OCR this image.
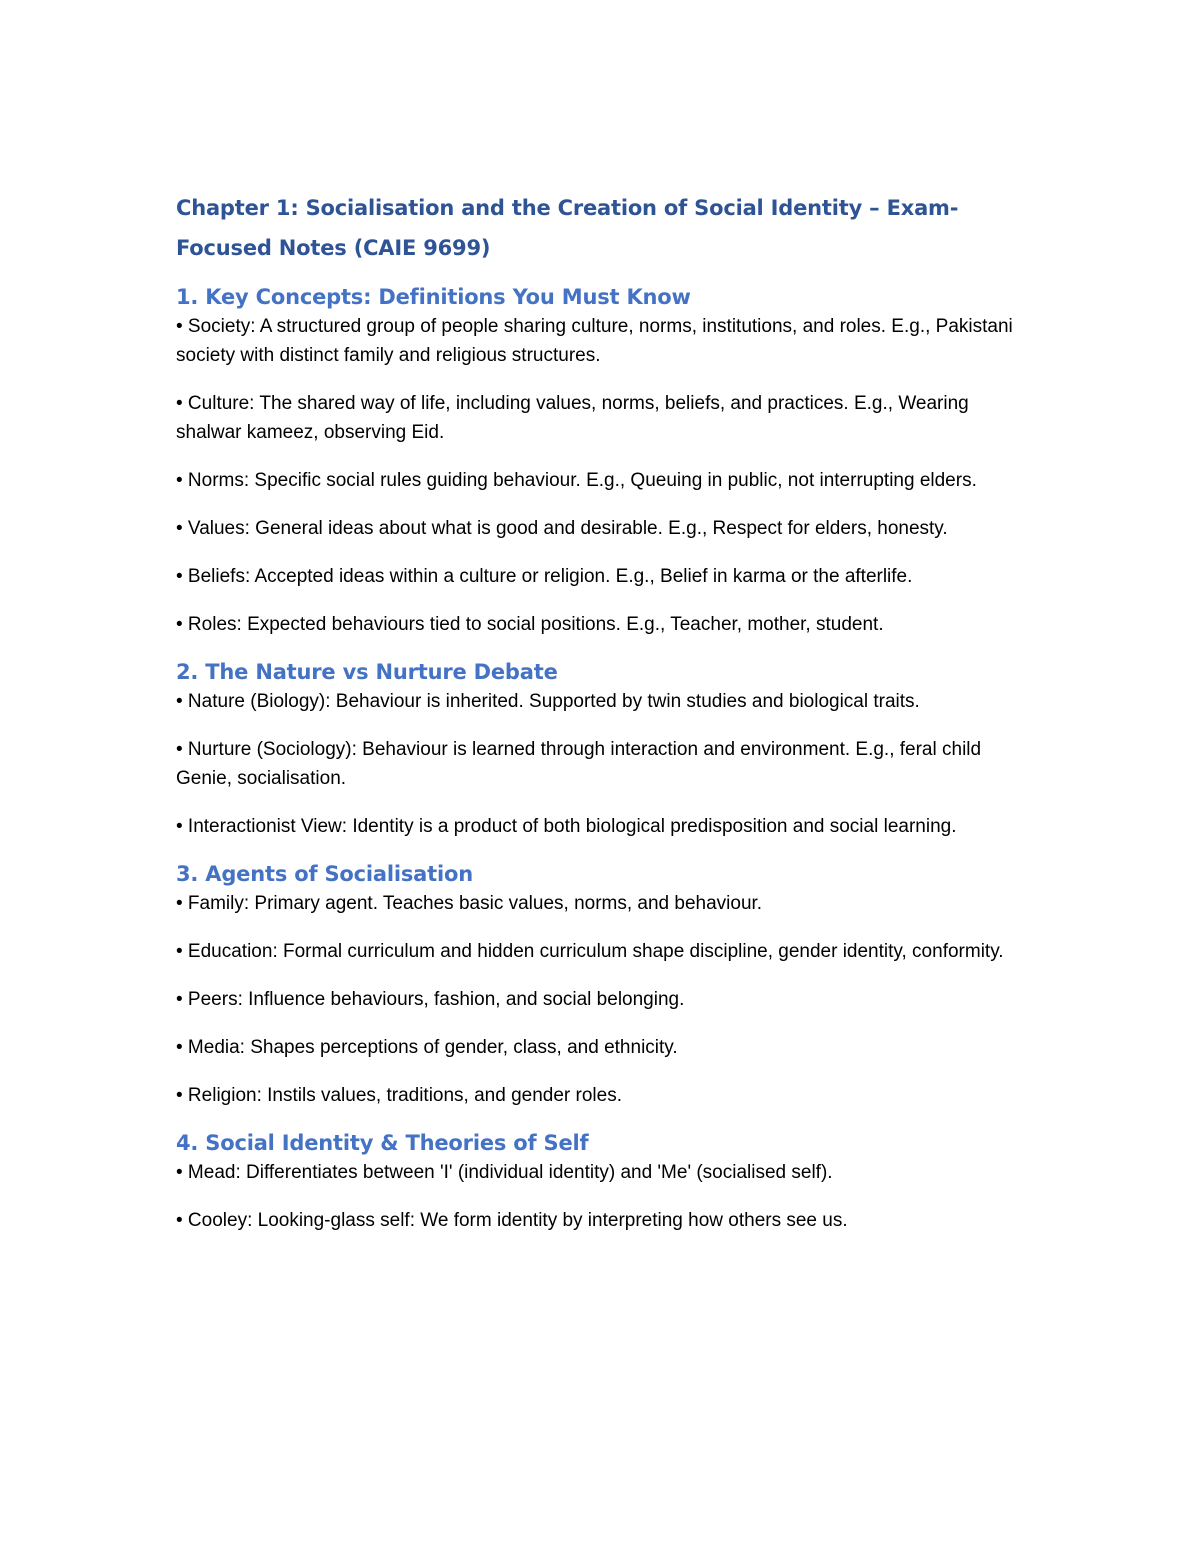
Chapter 1: Socialisation and the Creation of Social Identity – Exam-Focused Notes (CAIE 9699)
1. Key Concepts: Definitions You Must Know

• Society: A structured group of people sharing culture, norms, institutions, and roles. E.g., Pakistani society with distinct family and religious structures.

• Culture: The shared way of life, including values, norms, beliefs, and practices. E.g., Wearing shalwar kameez, observing Eid.

• Norms: Specific social rules guiding behaviour. E.g., Queuing in public, not interrupting elders.

• Values: General ideas about what is good and desirable. E.g., Respect for elders, honesty.

• Beliefs: Accepted ideas within a culture or religion. E.g., Belief in karma or the afterlife.

• Roles: Expected behaviours tied to social positions. E.g., Teacher, mother, student.

2. The Nature vs Nurture Debate

• Nature (Biology): Behaviour is inherited. Supported by twin studies and biological traits.

• Nurture (Sociology): Behaviour is learned through interaction and environment. E.g., feral child Genie, socialisation.

• Interactionist View: Identity is a product of both biological predisposition and social learning.

3. Agents of Socialisation

• Family: Primary agent. Teaches basic values, norms, and behaviour.

• Education: Formal curriculum and hidden curriculum shape discipline, gender identity, conformity.

• Peers: Influence behaviours, fashion, and social belonging.

• Media: Shapes perceptions of gender, class, and ethnicity.

• Religion: Instils values, traditions, and gender roles.

4. Social Identity & Theories of Self

• Mead: Differentiates between 'I' (individual identity) and 'Me' (socialised self).

• Cooley: Looking-glass self: We form identity by interpreting how others see us.
